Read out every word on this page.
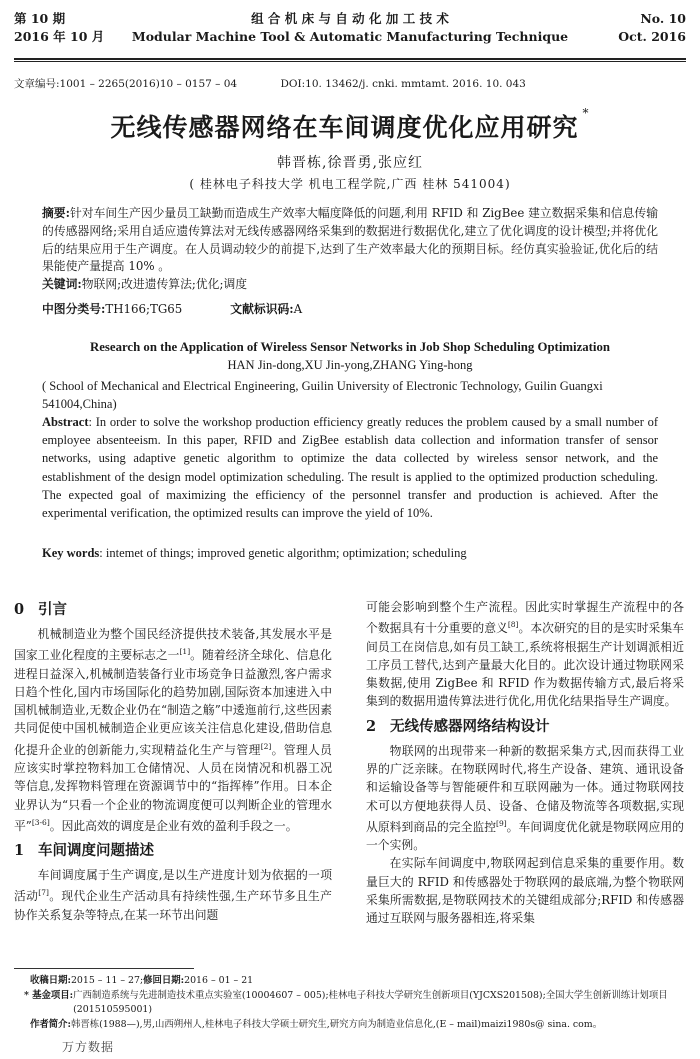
第 10 期
2016 年 10 月
组 合 机 床 与 自 动 化 加 工 技 术
Modular Machine Tool & Automatic Manufacturing Technique
No. 10
Oct. 2016
文章编号:1001 – 2265(2016)10 – 0157 – 04	DOI:10. 13462/j. cnki. mmtamt. 2016. 10. 043
无线传感器网络在车间调度优化应用研究 *
韩晋栋,徐晋勇,张应红
( 桂林电子科技大学 机电工程学院,广西 桂林 541004)
摘要:针对车间生产因少量员工缺勤而造成生产效率大幅度降低的问题,利用 RFID 和 ZigBee 建立数据采集和信息传输的传感器网络;采用自适应遗传算法对无线传感器网络采集到的数据进行数据优化,建立了优化调度的设计模型;并将优化后的结果应用于生产调度。在人员调动较少的前提下,达到了生产效率最大化的预期目标。经仿真实验验证,优化后的结果能使产量提高 10% 。
关键词:物联网;改进遗传算法;优化;调度
中图分类号:TH166;TG65	文献标识码:A
Research on the Application of Wireless Sensor Networks in Job Shop Scheduling Optimization
HAN Jin-dong,XU Jin-yong,ZHANG Ying-hong
( School of Mechanical and Electrical Engineering, Guilin University of Electronic Technology, Guilin Guangxi 541004,China)
Abstract: In order to solve the workshop production efficiency greatly reduces the problem caused by a small number of employee absenteeism. In this paper, RFID and ZigBee establish data collection and information transfer of sensor networks, using adaptive genetic algorithm to optimize the data collected by wireless sensor network, and the establishment of the design model optimization scheduling. The result is applied to the optimized production scheduling. The expected goal of maximizing the efficiency of the personnel transfer and production is achieved. After the experimental verification, the optimized results can improve the yield of 10%.
Key words: intemet of things; improved genetic algorithm; optimization; scheduling
0 引言

机械制造业为整个国民经济提供技术装备,其发展水平是国家工业化程度的主要标志之一[1]。随着经济全球化、信息化进程日益深入,机械制造装备行业市场竞争日益激烈,客户需求日趋个性化,国内市场国际化的趋势加剧,国际资本加速进入中国机械制造业,无数企业仍在“制造之觞”中逶迤前行,这些因素共同促使中国机械制造企业更应该关注信息化建设,借助信息化提升企业的创新能力,实现精益化生产与管理[2]。管理人员应该实时掌控物料加工仓储情况、人员在岗情况和机器工况等信息,发挥物料管理在资源调节中的“指挥棒”作用。日本企业界认为“只看一个企业的物流调度便可以判断企业的管理水平”[3-6]。因此高效的调度是企业有效的盈利手段之一。

1 车间调度问题描述

车间调度属于生产调度,是以生产进度计划为依据的一项活动[7]。现代企业生产活动具有持续性强,生产环节多且生产协作关系复杂等特点,在某一环节出问题

可能会影响到整个生产流程。因此实时掌握生产流程中的各个数据具有十分重要的意义[8]。本次研究的目的是实时采集车间员工在岗信息,如有员工缺工,系统将根据生产计划调派相近工序员工替代,达到产量最大化目的。此次设计通过物联网采集数据,使用 ZigBee 和 RFID 作为数据传输方式,最后将采集到的数据用遗传算法进行优化,用优化结果指导生产调度。

2 无线传感器网络结构设计

物联网的出现带来一种新的数据采集方式,因而获得工业界的广泛亲睐。在物联网时代,将生产设备、建筑、通讯设备和运输设备等与智能硬件和互联网融为一体。通过物联网技术可以方便地获得人员、设备、仓储及物流等各项数据,实现从原料到商品的完全监控[9]。车间调度优化就是物联网应用的一个实例。

在实际车间调度中,物联网起到信息采集的重要作用。数量巨大的 RFID 和传感器处于物联网的最底端,为整个物联网采集所需数据,是物联网技术的关键组成部分;RFID 和传感器通过互联网与服务器相连,将采集

收稿日期: 2015 – 11 – 27; 修回日期: 2016 – 01 – 21
* 基金项目: 广西制造系统与先进制造技术重点实验室(10004607 – 005);桂林电子科技大学研究生创新项目(YJCXS201508);全国大学生创新训练计划项目(201510595001)
作者简介: 韩晋栋(1988—),男,山西朔州人,桂林电子科技大学硕士研究生,研究方向为制造业信息化,(E – mail)maizi1980s@ sina. com。
万方数据
